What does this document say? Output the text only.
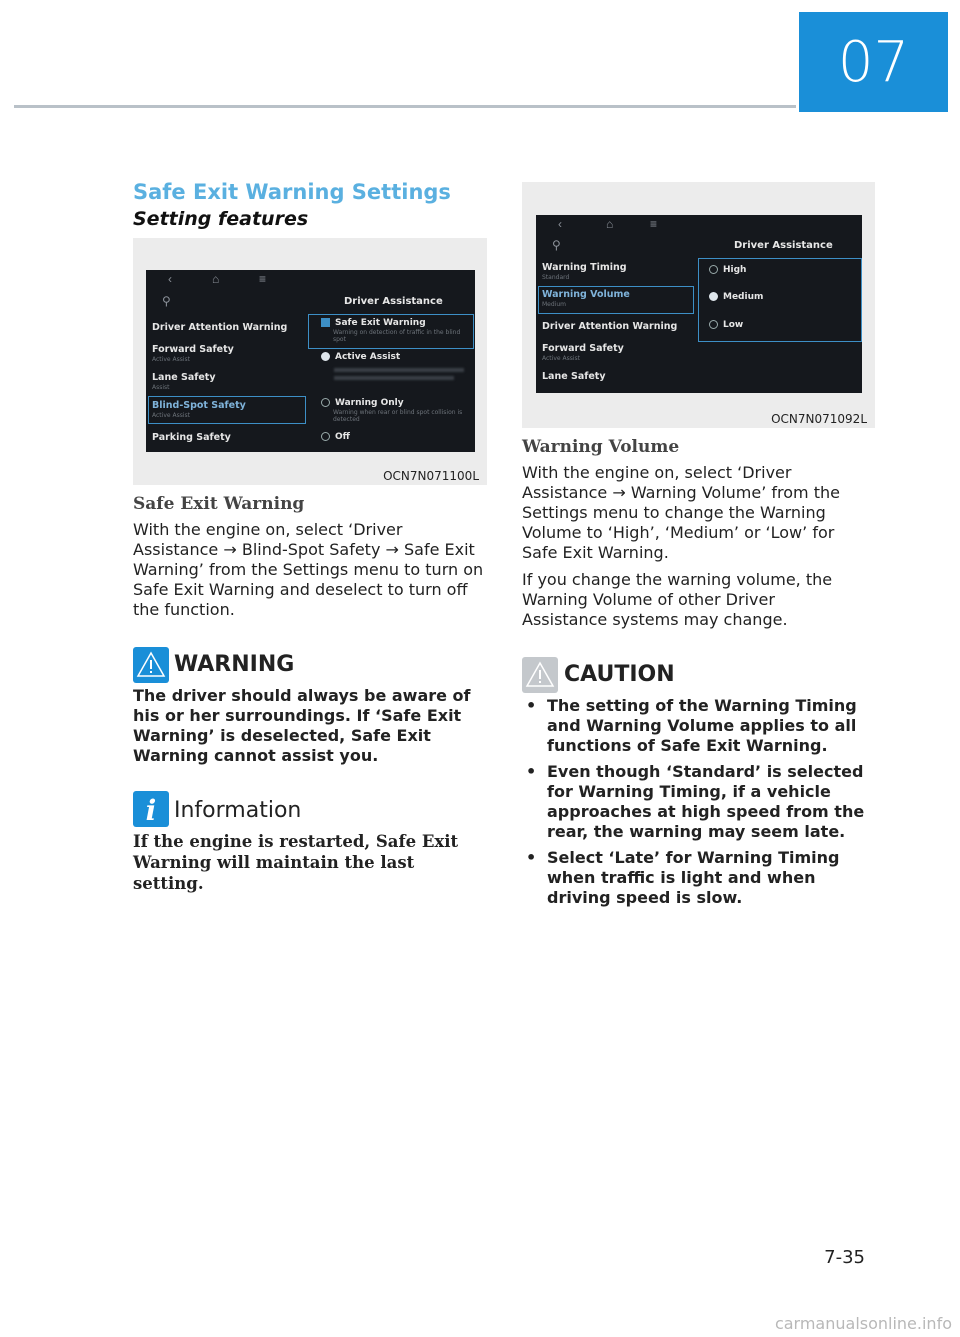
07
Safe Exit Warning Settings
Setting features
‹	⌂	≡
⚲	Driver Assistance
Driver Attention Warning
Forward Safety
Active Assist
Lane Safety
Assist
Blind-Spot Safety
Active Assist
Parking Safety
Safe Exit Warning
Warning on detection of traffic in the blind spot
Active Assist
Warning Only
Warning when rear or blind spot collision is detected
Off
OCN7N071100L
‹	⌂	≡
⚲	Driver Assistance
Warning Timing
Standard
Warning Volume
Medium
Driver Attention Warning
Forward Safety
Active Assist
Lane Safety
High
Medium
Low
OCN7N071092L
Safe Exit Warning

With the engine on, select ‘Driver Assistance → Blind-Spot Safety → Safe Exit Warning’ from the Settings menu to turn on Safe Exit Warning and deselect to turn off the function.

WARNING
The driver should always be aware of his or her surroundings. If ‘Safe Exit Warning’ is deselected, Safe Exit Warning cannot assist you.
i Information
If the engine is restarted, Safe Exit Warning will maintain the last setting.
Warning Volume

With the engine on, select ‘Driver Assistance → Warning Volume’ from the Settings menu to change the Warning Volume to ‘High’, ‘Medium’ or ‘Low’ for Safe Exit Warning.

If you change the warning volume, the Warning Volume of other Driver Assistance systems may change.

CAUTION
• The setting of the Warning Timing and Warning Volume applies to all functions of Safe Exit Warning.
• Even though ‘Standard’ is selected for Warning Timing, if a vehicle approaches at high speed from the rear, the warning may seem late.
• Select ‘Late’ for Warning Timing when traffic is light and when driving speed is slow.
7-35
carmanualsonline.info
